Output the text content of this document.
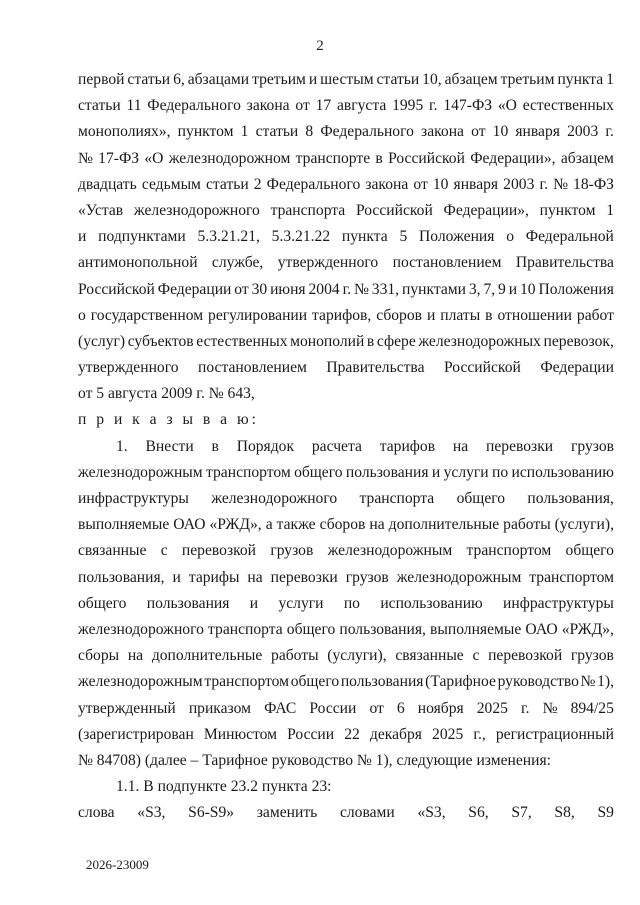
2
первой статьи 6, абзацами третьим и шестым статьи 10, абзацем третьим пункта 1
статьи 11 Федерального закона от 17 августа 1995 г. 147-ФЗ «О естественных
монополиях», пунктом 1 статьи 8 Федерального закона от 10 января 2003 г.
№ 17-ФЗ «О железнодорожном транспорте в Российской Федерации», абзацем
двадцать седьмым статьи 2 Федерального закона от 10 января 2003 г. № 18-ФЗ
«Устав железнодорожного транспорта Российской Федерации», пунктом 1
и подпунктами 5.3.21.21, 5.3.21.22 пункта 5 Положения о Федеральной
антимонопольной службе, утвержденного постановлением Правительства
Российской Федерации от 30 июня 2004 г. № 331, пунктами 3, 7, 9 и 10 Положения
о государственном регулировании тарифов, сборов и платы в отношении работ
(услуг) субъектов естественных монополий в сфере железнодорожных перевозок,
утвержденного постановлением Правительства Российской Федерации
от 5 августа 2009 г. № 643,
п р и к а з ы в а ю:
1. Внести в Порядок расчета тарифов на перевозки грузов
железнодорожным транспортом общего пользования и услуги по использованию
инфраструктуры железнодорожного транспорта общего пользования,
выполняемые ОАО «РЖД», а также сборов на дополнительные работы (услуги),
связанные с перевозкой грузов железнодорожным транспортом общего
пользования, и тарифы на перевозки грузов железнодорожным транспортом
общего пользования и услуги по использованию инфраструктуры
железнодорожного транспорта общего пользования, выполняемые ОАО «РЖД»,
сборы на дополнительные работы (услуги), связанные с перевозкой грузов
железнодорожным транспортом общего пользования (Тарифное руководство № 1),
утвержденный приказом ФАС России от 6 ноября 2025 г. № 894/25
(зарегистрирован Минюстом России 22 декабря 2025 г., регистрационный
№ 84708) (далее – Тарифное руководство № 1), следующие изменения:
1.1. В подпункте 23.2 пункта 23:
слова «S3, S6-S9» заменить словами «S3, S6, S7, S8, S9
2026-23009
